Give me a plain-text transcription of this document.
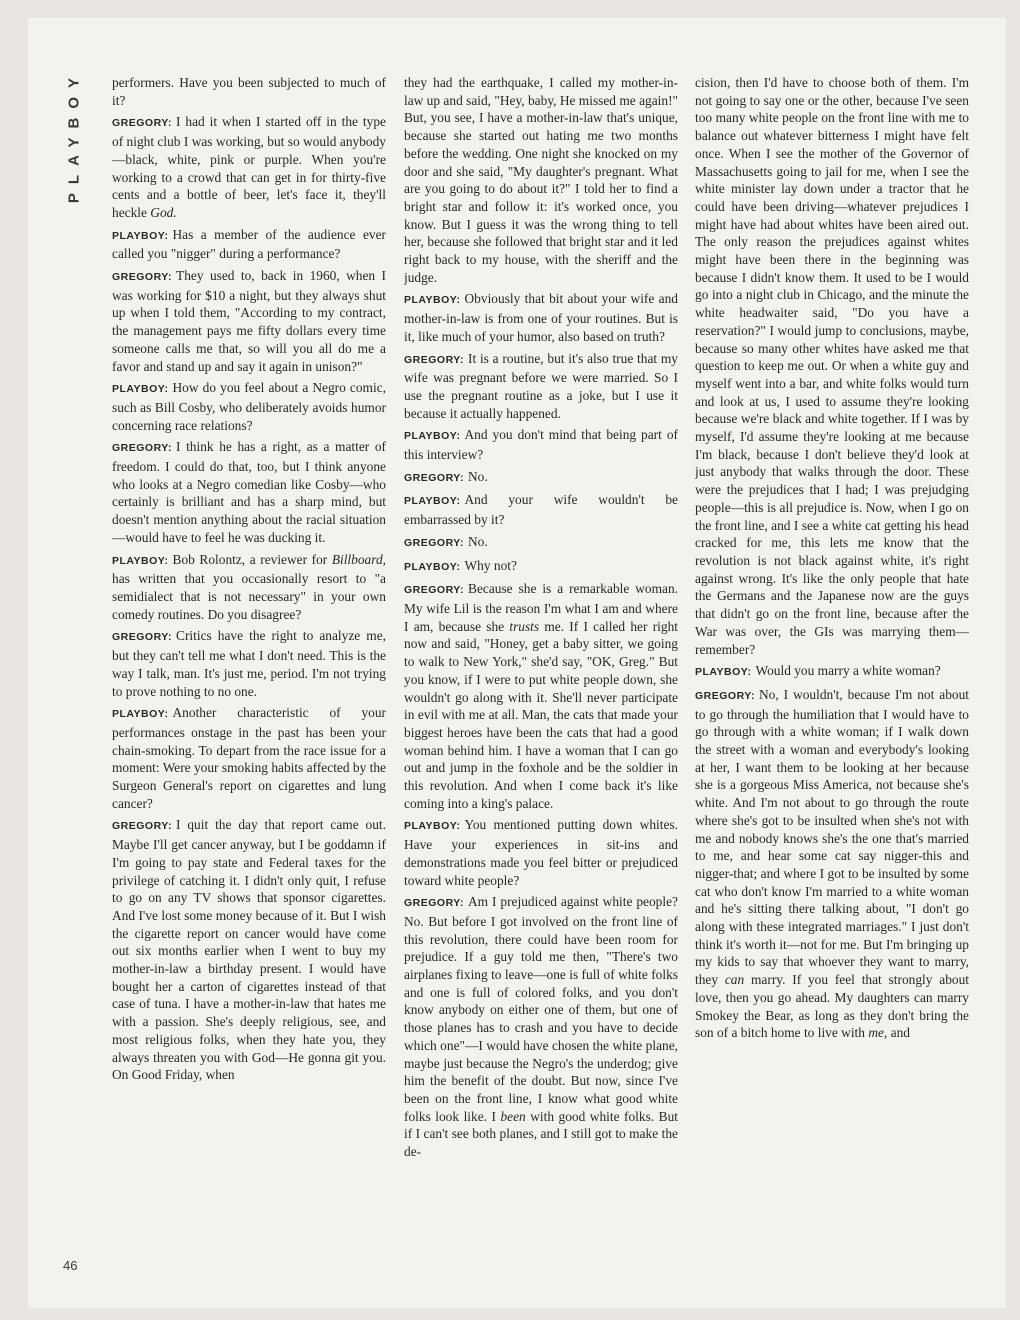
PLAYBOY
46

performers. Have you been subjected to much of it?

GREGORY: I had it when I started off in the type of night club I was working, but so would anybody—black, white, pink or purple. When you're working to a crowd that can get in for thirty-five cents and a bottle of beer, let's face it, they'll heckle God.

PLAYBOY: Has a member of the audience ever called you "nigger" during a performance?

GREGORY: They used to, back in 1960, when I was working for $10 a night, but they always shut up when I told them, "According to my contract, the management pays me fifty dollars every time someone calls me that, so will you all do me a favor and stand up and say it again in unison?"

PLAYBOY: How do you feel about a Negro comic, such as Bill Cosby, who deliberately avoids humor concerning race relations?

GREGORY: I think he has a right, as a matter of freedom. I could do that, too, but I think anyone who looks at a Negro comedian like Cosby—who certainly is brilliant and has a sharp mind, but doesn't mention anything about the racial situation—would have to feel he was ducking it.

PLAYBOY: Bob Rolontz, a reviewer for Billboard, has written that you occasionally resort to "a semidialect that is not necessary" in your own comedy routines. Do you disagree?

GREGORY: Critics have the right to analyze me, but they can't tell me what I don't need. This is the way I talk, man. It's just me, period. I'm not trying to prove nothing to no one.

PLAYBOY: Another characteristic of your performances onstage in the past has been your chain-smoking. To depart from the race issue for a moment: Were your smoking habits affected by the Surgeon General's report on cigarettes and lung cancer?

GREGORY: I quit the day that report came out. Maybe I'll get cancer anyway, but I be goddamn if I'm going to pay state and Federal taxes for the privilege of catching it. I didn't only quit, I refuse to go on any TV shows that sponsor cigarettes. And I've lost some money because of it. But I wish the cigarette report on cancer would have come out six months earlier when I went to buy my mother-in-law a birthday present. I would have bought her a carton of cigarettes instead of that case of tuna. I have a mother-in-law that hates me with a passion. She's deeply religious, see, and most religious folks, when they hate you, they always threaten you with God—He gonna git you. On Good Friday, when

they had the earthquake, I called my mother-in-law up and said, "Hey, baby, He missed me again!" But, you see, I have a mother-in-law that's unique, because she started out hating me two months before the wedding. One night she knocked on my door and she said, "My daughter's pregnant. What are you going to do about it?" I told her to find a bright star and follow it: it's worked once, you know. But I guess it was the wrong thing to tell her, because she followed that bright star and it led right back to my house, with the sheriff and the judge.

PLAYBOY: Obviously that bit about your wife and mother-in-law is from one of your routines. But is it, like much of your humor, also based on truth?

GREGORY: It is a routine, but it's also true that my wife was pregnant before we were married. So I use the pregnant routine as a joke, but I use it because it actually happened.

PLAYBOY: And you don't mind that being part of this interview?

GREGORY: No.

PLAYBOY: And your wife wouldn't be embarrassed by it?

GREGORY: No.

PLAYBOY: Why not?

GREGORY: Because she is a remarkable woman. My wife Lil is the reason I'm what I am and where I am, because she trusts me. If I called her right now and said, "Honey, get a baby sitter, we going to walk to New York," she'd say, "OK, Greg." But you know, if I were to put white people down, she wouldn't go along with it. She'll never participate in evil with me at all. Man, the cats that made your biggest heroes have been the cats that had a good woman behind him. I have a woman that I can go out and jump in the foxhole and be the soldier in this revolution. And when I come back it's like coming into a king's palace.

PLAYBOY: You mentioned putting down whites. Have your experiences in sit-ins and demonstrations made you feel bitter or prejudiced toward white people?

GREGORY: Am I prejudiced against white people? No. But before I got involved on the front line of this revolution, there could have been room for prejudice. If a guy told me then, "There's two airplanes fixing to leave—one is full of white folks and one is full of colored folks, and you don't know anybody on either one of them, but one of those planes has to crash and you have to decide which one"—I would have chosen the white plane, maybe just because the Negro's the underdog; give him the benefit of the doubt. But now, since I've been on the front line, I know what good white folks look like. I been with good white folks. But if I can't see both planes, and I still got to make the de-

cision, then I'd have to choose both of them. I'm not going to say one or the other, because I've seen too many white people on the front line with me to balance out whatever bitterness I might have felt once. When I see the mother of the Governor of Massachusetts going to jail for me, when I see the white minister lay down under a tractor that he could have been driving—whatever prejudices I might have had about whites have been aired out. The only reason the prejudices against whites might have been there in the beginning was because I didn't know them. It used to be I would go into a night club in Chicago, and the minute the white headwaiter said, "Do you have a reservation?" I would jump to conclusions, maybe, because so many other whites have asked me that question to keep me out. Or when a white guy and myself went into a bar, and white folks would turn and look at us, I used to assume they're looking because we're black and white together. If I was by myself, I'd assume they're looking at me because I'm black, because I don't believe they'd look at just anybody that walks through the door. These were the prejudices that I had; I was prejudging people—this is all prejudice is. Now, when I go on the front line, and I see a white cat getting his head cracked for me, this lets me know that the revolution is not black against white, it's right against wrong. It's like the only people that hate the Germans and the Japanese now are the guys that didn't go on the front line, because after the War was over, the GIs was marrying them—remember?

PLAYBOY: Would you marry a white woman?

GREGORY: No, I wouldn't, because I'm not about to go through the humiliation that I would have to go through with a white woman; if I walk down the street with a woman and everybody's looking at her, I want them to be looking at her because she is a gorgeous Miss America, not because she's white. And I'm not about to go through the route where she's got to be insulted when she's not with me and nobody knows she's the one that's married to me, and hear some cat say nigger-this and nigger-that; and where I got to be insulted by some cat who don't know I'm married to a white woman and he's sitting there talking about, "I don't go along with these integrated marriages." I just don't think it's worth it—not for me. But I'm bringing up my kids to say that whoever they want to marry, they can marry. If you feel that strongly about love, then you go ahead. My daughters can marry Smokey the Bear, as long as they don't bring the son of a bitch home to live with me, and
